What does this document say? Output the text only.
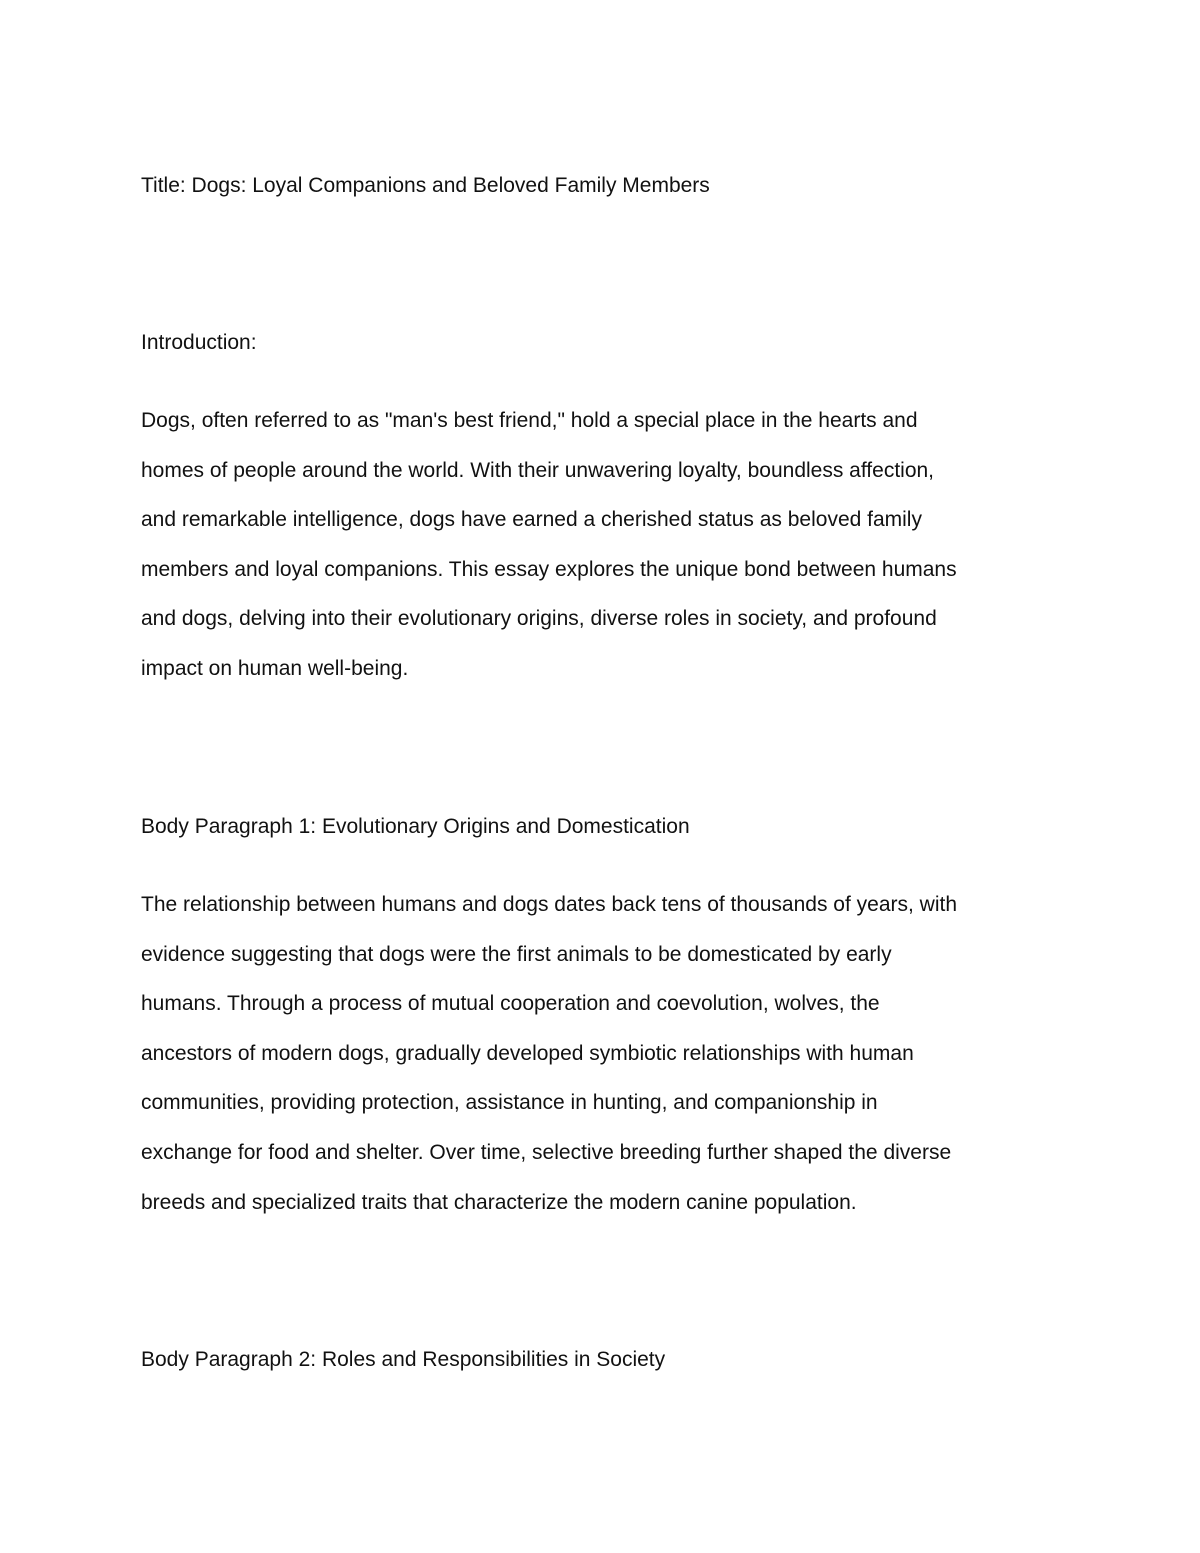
Title: Dogs: Loyal Companions and Beloved Family Members

Introduction:

Dogs, often referred to as "man's best friend," hold a special place in the hearts and
homes of people around the world. With their unwavering loyalty, boundless affection,
and remarkable intelligence, dogs have earned a cherished status as beloved family
members and loyal companions. This essay explores the unique bond between humans
and dogs, delving into their evolutionary origins, diverse roles in society, and profound
impact on human well-being.

Body Paragraph 1: Evolutionary Origins and Domestication

The relationship between humans and dogs dates back tens of thousands of years, with
evidence suggesting that dogs were the first animals to be domesticated by early
humans. Through a process of mutual cooperation and coevolution, wolves, the
ancestors of modern dogs, gradually developed symbiotic relationships with human
communities, providing protection, assistance in hunting, and companionship in
exchange for food and shelter. Over time, selective breeding further shaped the diverse
breeds and specialized traits that characterize the modern canine population.

Body Paragraph 2: Roles and Responsibilities in Society
